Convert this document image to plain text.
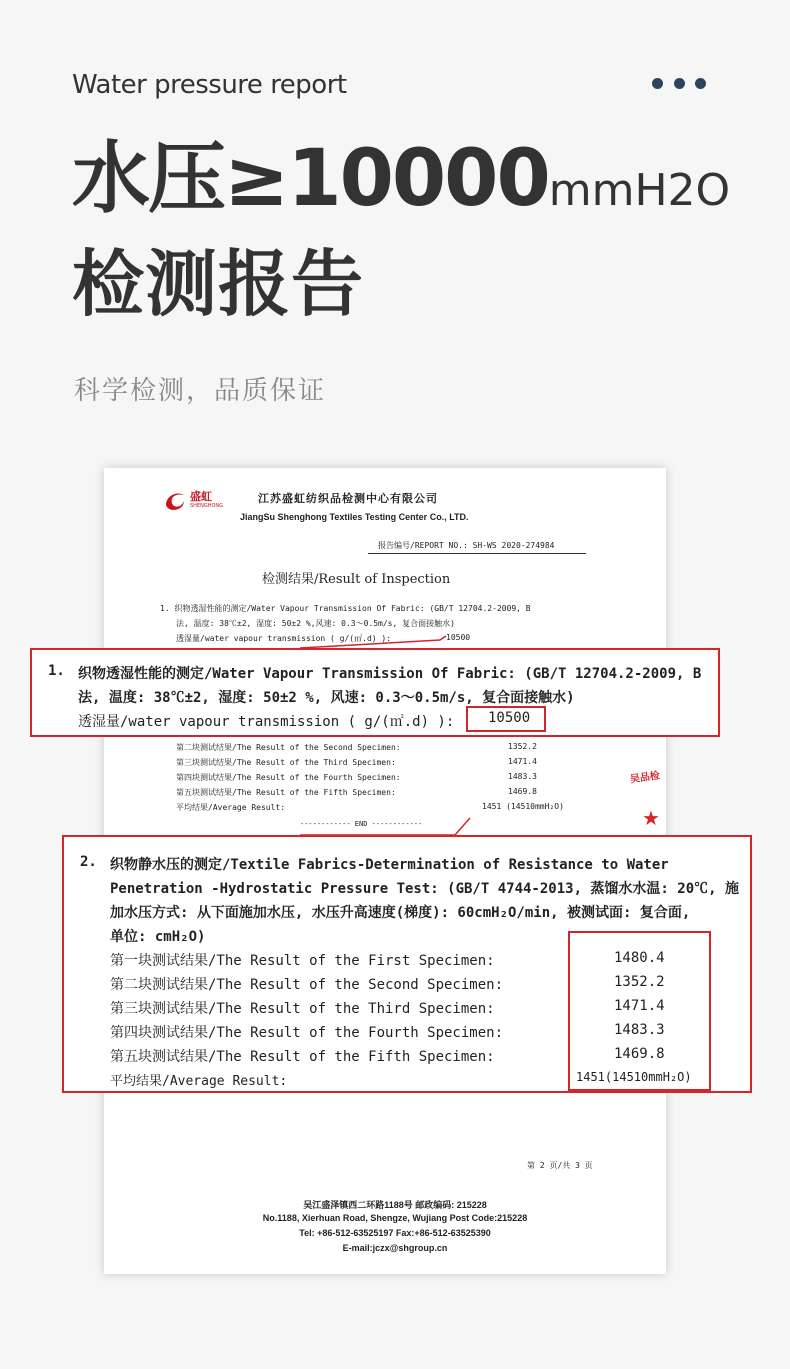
Water pressure report
水压≥10000mmH2O
检测报告
科学检测，品质保证
盛虹
SHENGHONG
江苏盛虹纺织品检测中心有限公司
JiangSu Shenghong Textiles Testing Center Co., LTD.
报告编号/REPORT NO.: SH-WS 2020-274984
检测结果/Result of Inspection
1. 织物透湿性能的测定/Water Vapour Transmission Of Fabric: (GB/T 12704.2-2009, B
法, 温度: 38℃±2, 湿度: 50±2 %,风速: 0.3～0.5m/s, 复合面接触水)
透湿量/water vapour transmission ( g/(㎡.d) ):	10500
第二块测试结果/The Result of the Second Specimen:	1352.2
第三块测试结果/The Result of the Third Specimen:	1471.4
第四块测试结果/The Result of the Fourth Specimen:	1483.3
第五块测试结果/The Result of the Fifth Specimen:	1469.8
平均结果/Average Result:	1451 (14510mmH₂O)
------------ END ------------
吴品检
★
第 2 页/共 3 页
吴江盛泽镇西二环路1188号 邮政编码: 215228
No.1188, Xierhuan Road, Shengze, Wujiang Post Code:215228
Tel: +86-512-63525197 Fax:+86-512-63525390
E-mail:jczx@shgroup.cn
1. 织物透湿性能的测定/Water Vapour Transmission Of Fabric: (GB/T 12704.2-2009, B
法, 温度: 38℃±2, 湿度: 50±2 %, 风速: 0.3～0.5m/s, 复合面接触水)
透湿量/water vapour transmission ( g/(㎡.d) ): 10500
2. 织物静水压的测定/Textile Fabrics-Determination of Resistance to Water
Penetration -Hydrostatic Pressure Test: (GB/T 4744-2013, 蒸馏水水温: 20℃, 施
加水压方式: 从下面施加水压, 水压升高速度(梯度): 60cmH₂O/min, 被测试面: 复合面,
单位: cmH₂O)
第一块测试结果/The Result of the First Specimen:	1480.4
第二块测试结果/The Result of the Second Specimen:	1352.2
第三块测试结果/The Result of the Third Specimen:	1471.4
第四块测试结果/The Result of the Fourth Specimen:	1483.3
第五块测试结果/The Result of the Fifth Specimen:	1469.8
平均结果/Average Result:	1451(14510mmH₂O)
